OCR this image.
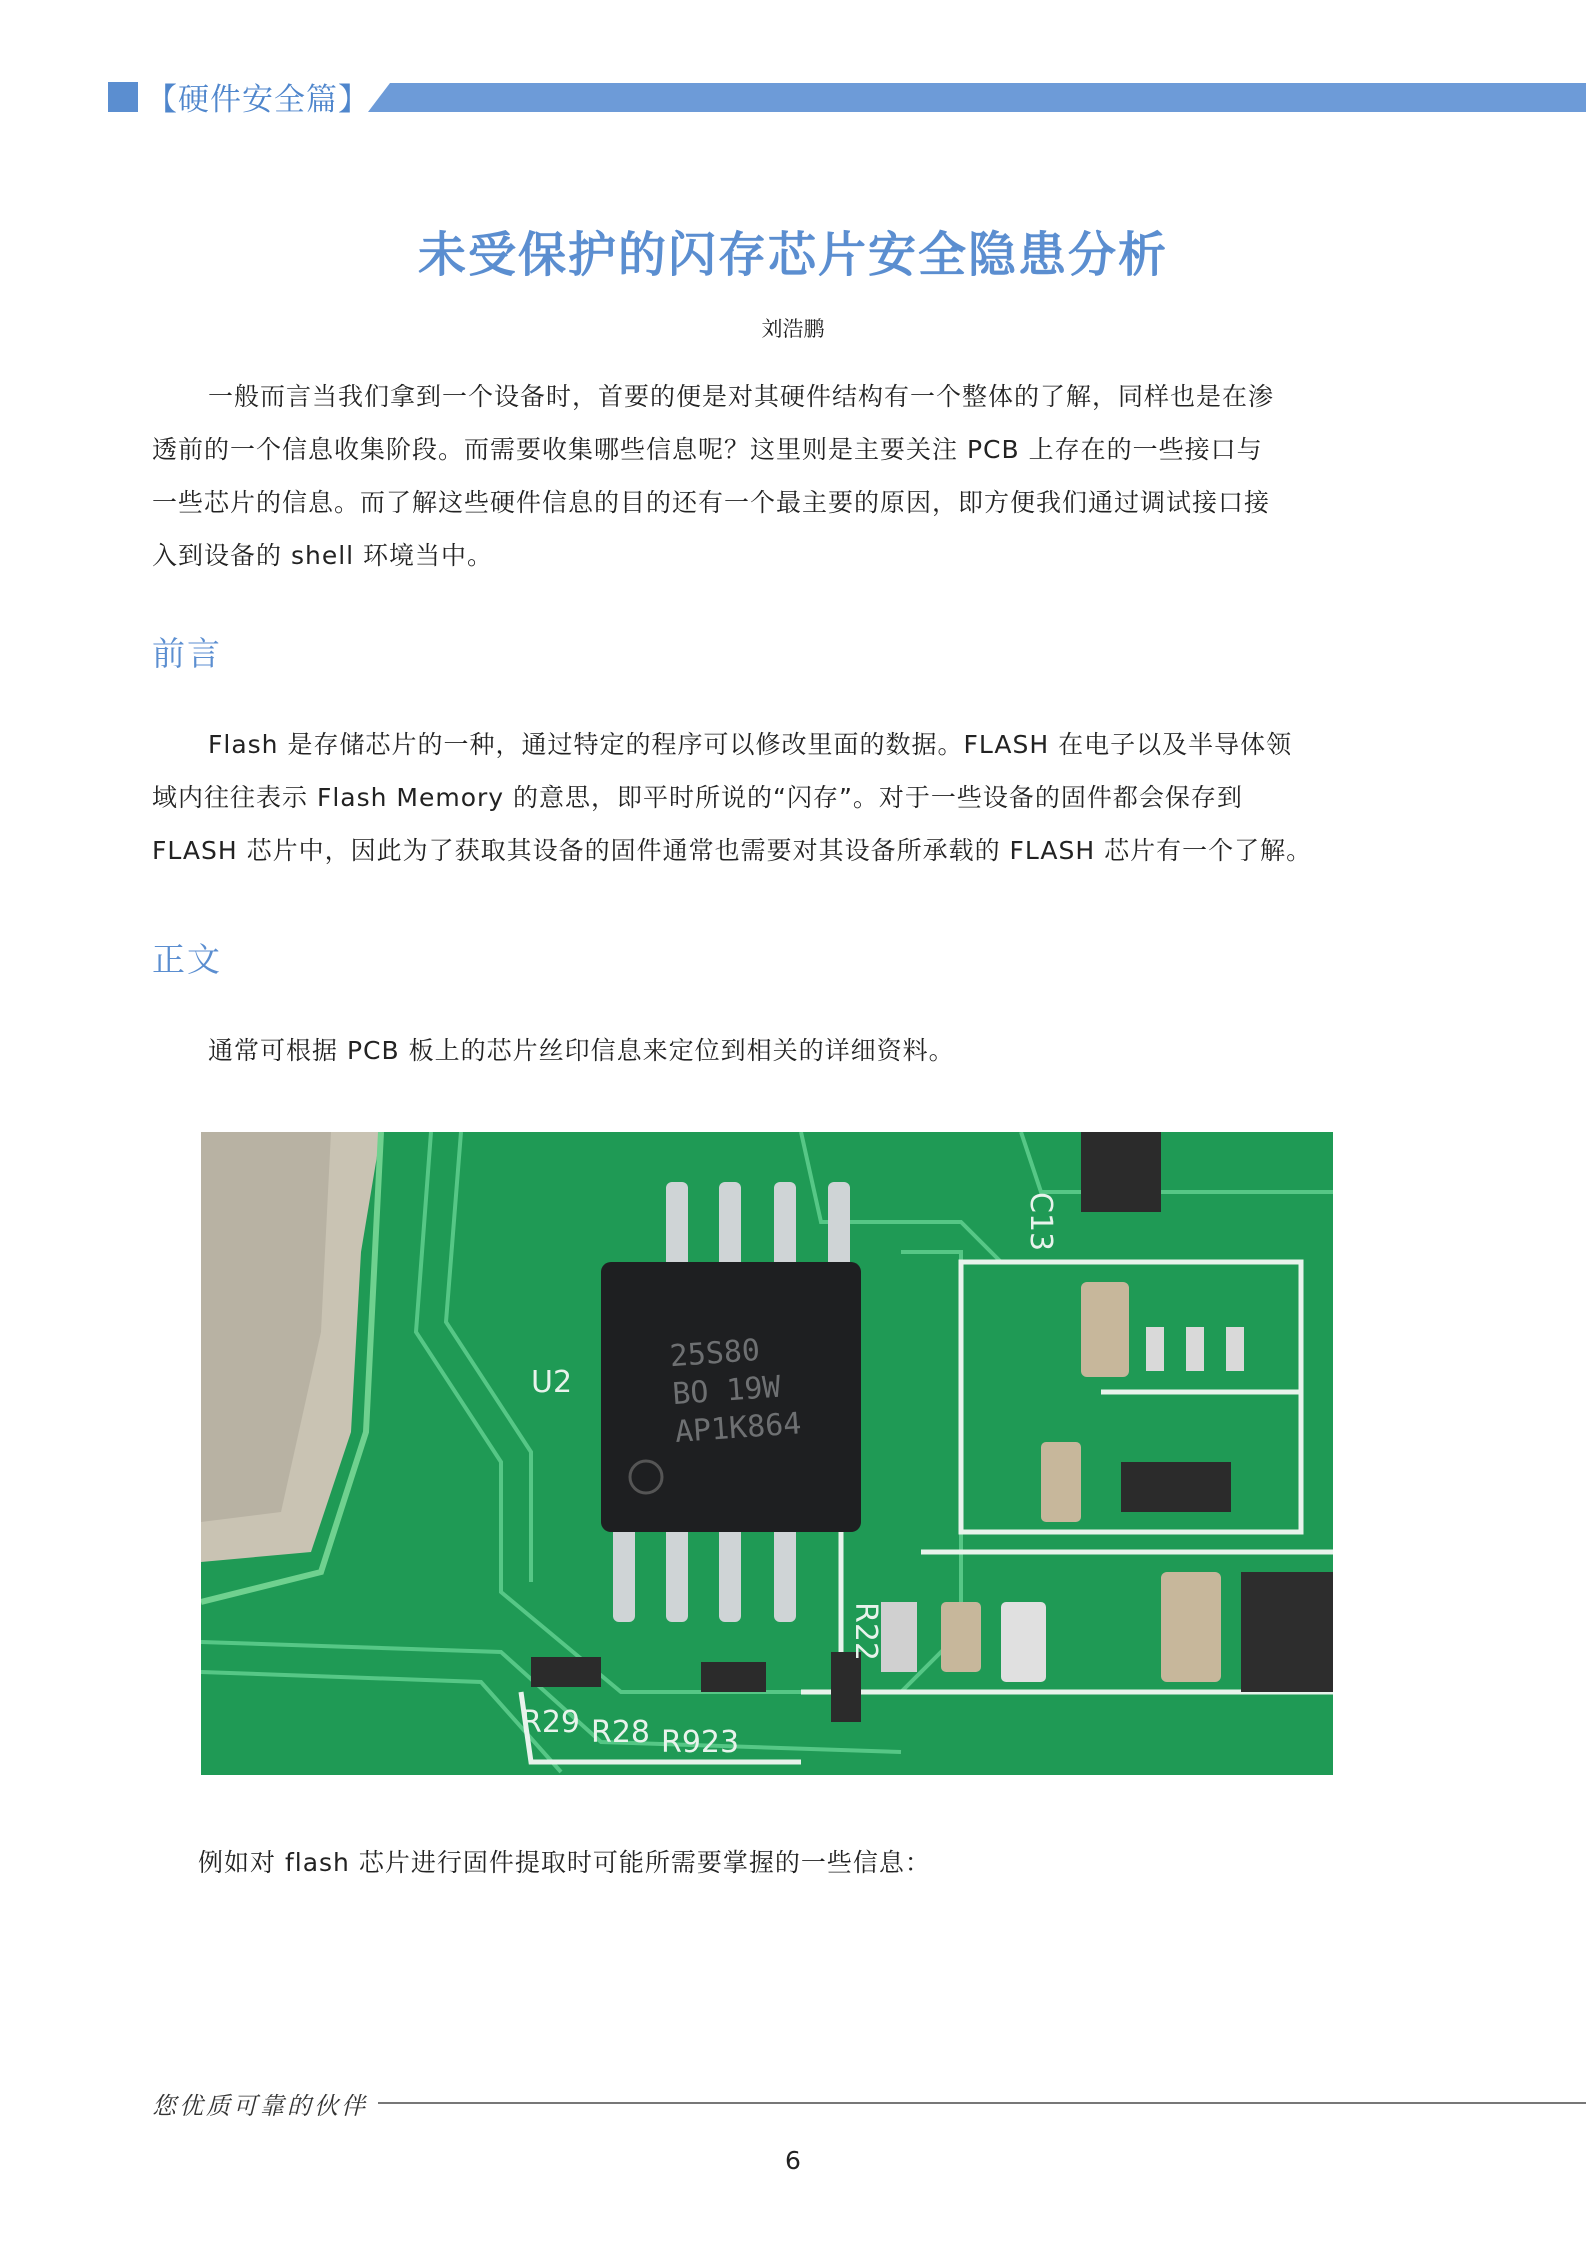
【硬件安全篇】
未受保护的闪存芯片安全隐患分析
刘浩鹏
一般而言当我们拿到一个设备时，首要的便是对其硬件结构有一个整体的了解，同样也是在渗
透前的一个信息收集阶段。而需要收集哪些信息呢？这里则是主要关注 PCB 上存在的一些接口与
一些芯片的信息。而了解这些硬件信息的目的还有一个最主要的原因，即方便我们通过调试接口接
入到设备的 shell 环境当中。
前言
Flash 是存储芯片的一种，通过特定的程序可以修改里面的数据。FLASH 在电子以及半导体领
域内往往表示 Flash Memory 的意思，即平时所说的“闪存”。对于一些设备的固件都会保存到
FLASH 芯片中，因此为了获取其设备的固件通常也需要对其设备所承载的 FLASH 芯片有一个了解。
正文
通常可根据 PCB 板上的芯片丝印信息来定位到相关的详细资料。
25S80
BO 19W
AP1K864
R29 R28 R923
U2
C13
R22
例如对 flash 芯片进行固件提取时可能所需要掌握的一些信息：
您优质可靠的伙伴
6
